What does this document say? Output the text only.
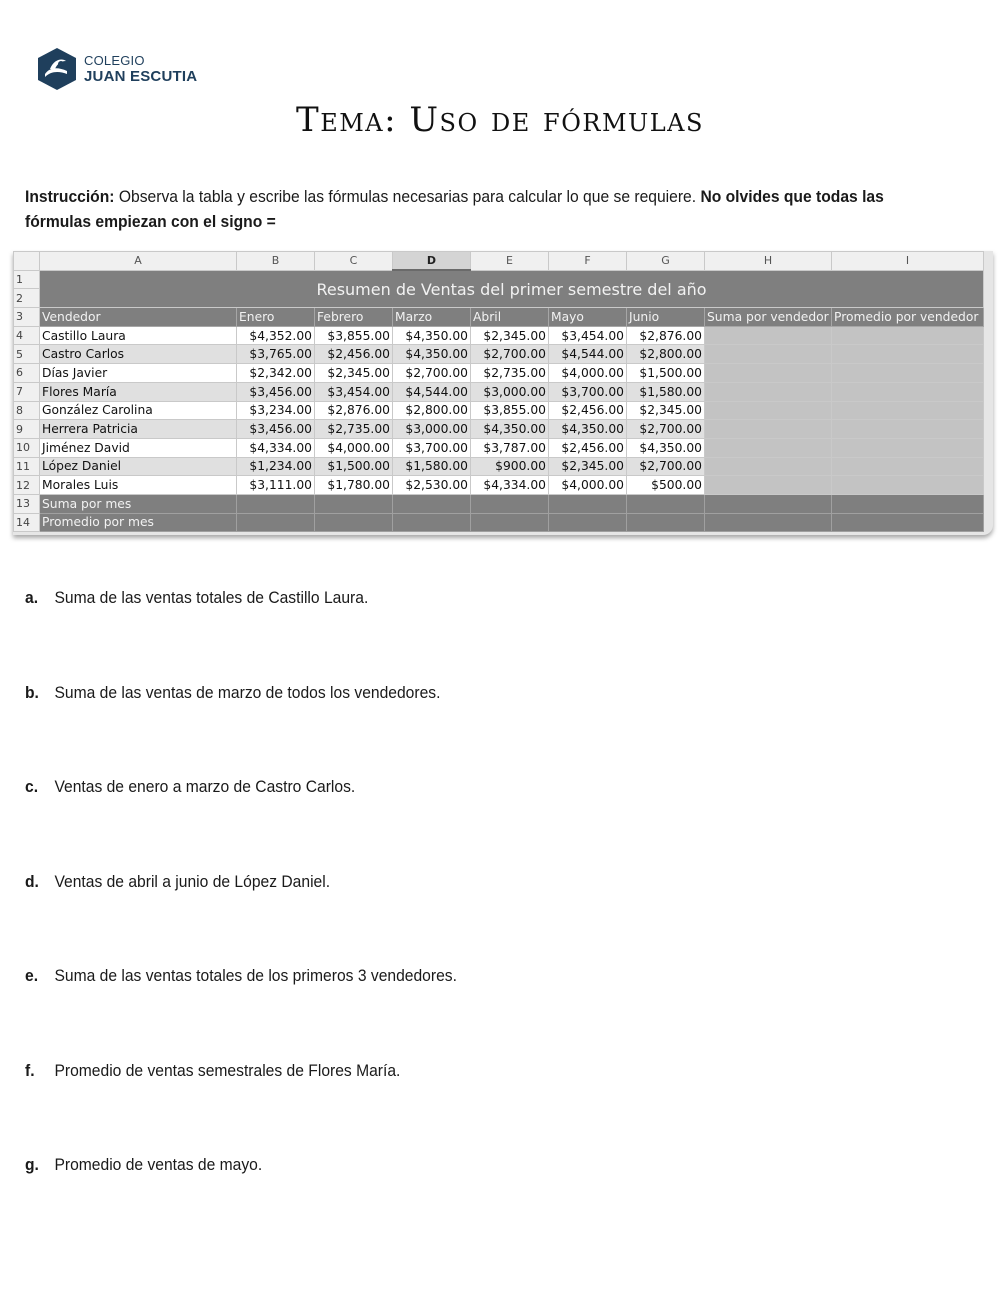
COLEGIO
JUAN ESCUTIA
Tema: Uso de fórmulas
Instrucción: Observa la tabla y escribe las fórmulas necesarias para calcular lo que se requiere. No olvides que todas las fórmulas empiezan con el signo =
	A	B	C	D	E	F	G	H	I
1	Resumen de Ventas del primer semestre del año								
2									
3	Vendedor	Enero	Febrero	Marzo	Abril	Mayo	Junio	Suma por vendedor	Promedio por vendedor
4	Castillo Laura	$4,352.00	$3,855.00	$4,350.00	$2,345.00	$3,454.00	$2,876.00		
5	Castro Carlos	$3,765.00	$2,456.00	$4,350.00	$2,700.00	$4,544.00	$2,800.00		
6	Días Javier	$2,342.00	$2,345.00	$2,700.00	$2,735.00	$4,000.00	$1,500.00		
7	Flores María	$3,456.00	$3,454.00	$4,544.00	$3,000.00	$3,700.00	$1,580.00		
8	González Carolina	$3,234.00	$2,876.00	$2,800.00	$3,855.00	$2,456.00	$2,345.00		
9	Herrera Patricia	$3,456.00	$2,735.00	$3,000.00	$4,350.00	$4,350.00	$2,700.00		
10	Jiménez David	$4,334.00	$4,000.00	$3,700.00	$3,787.00	$2,456.00	$4,350.00		
11	López Daniel	$1,234.00	$1,500.00	$1,580.00	$900.00	$2,345.00	$2,700.00		
12	Morales Luis	$3,111.00	$1,780.00	$2,530.00	$4,334.00	$4,000.00	$500.00		
13	Suma por mes								
14	Promedio por mes								
a. Suma de las ventas totales de Castillo Laura.
b. Suma de las ventas de marzo de todos los vendedores.
c. Ventas de enero a marzo de Castro Carlos.
d. Ventas de abril a junio de López Daniel.
e. Suma de las ventas totales de los primeros 3 vendedores.
f. Promedio de ventas semestrales de Flores María.
g. Promedio de ventas de mayo.
